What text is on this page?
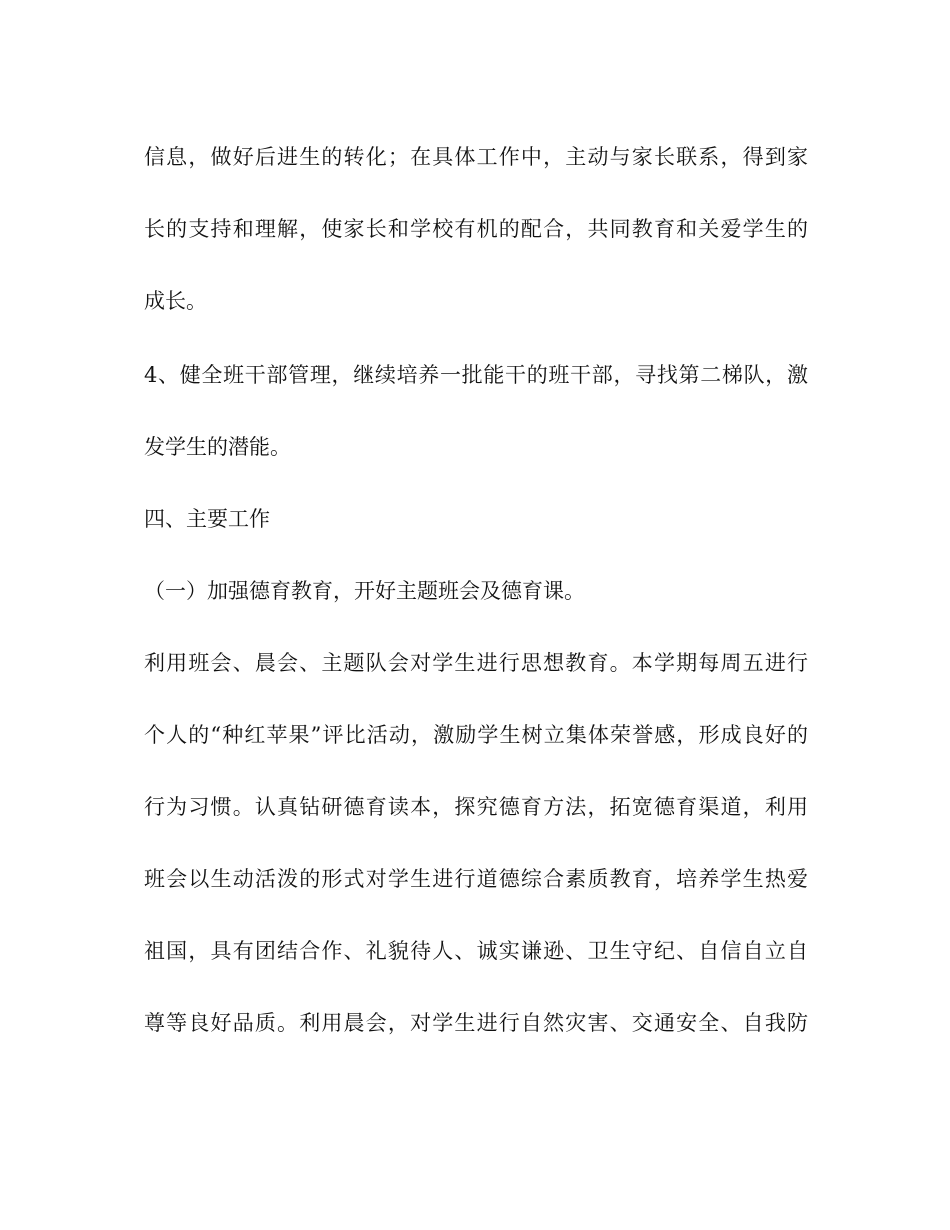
信息，做好后进生的转化；在具体工作中，主动与家长联系，得到家
长的支持和理解，使家长和学校有机的配合，共同教育和关爱学生的
成长。
4、健全班干部管理，继续培养一批能干的班干部，寻找第二梯队，激
发学生的潜能。
四、主要工作
（一）加强德育教育，开好主题班会及德育课。
利用班会、晨会、主题队会对学生进行思想教育。本学期每周五进行
个人的“种红苹果”评比活动，激励学生树立集体荣誉感，形成良好的
行为习惯。认真钻研德育读本，探究德育方法，拓宽德育渠道，利用
班会以生动活泼的形式对学生进行道德综合素质教育，培养学生热爱
祖国，具有团结合作、礼貌待人、诚实谦逊、卫生守纪、自信自立自
尊等良好品质。利用晨会，对学生进行自然灾害、交通安全、自我防
